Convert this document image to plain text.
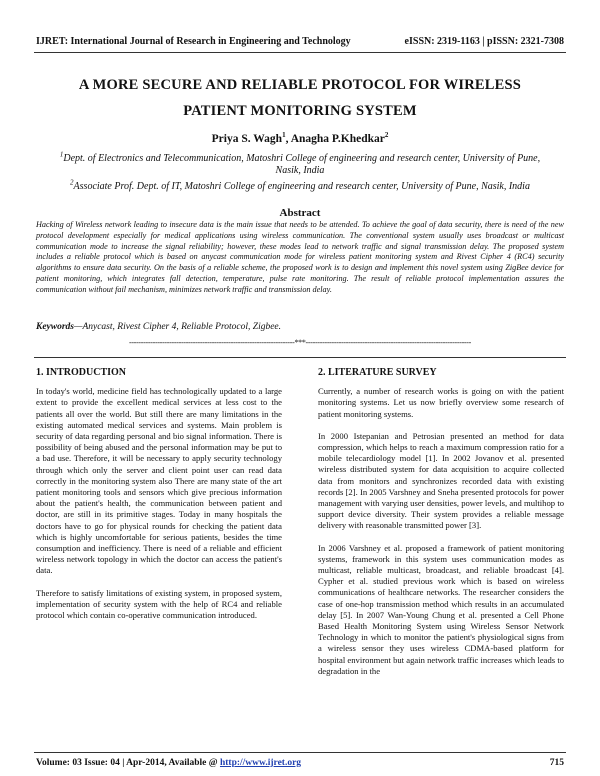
IJRET: International Journal of Research in Engineering and Technology	eISSN: 2319-1163 | pISSN: 2321-7308
A MORE SECURE AND RELIABLE PROTOCOL FOR WIRELESS
PATIENT MONITORING SYSTEM
Priya S. Wagh$^1$, Anagha P.Khedkar$^2$
$^1$Dept. of Electronics and Telecommunication, Matoshri College of engineering and research center, University of Pune,
Nasik, India
$^2$Associate Prof. Dept. of IT, Matoshri College of engineering and research center, University of Pune, Nasik, India
Abstract
Hacking of Wireless network leading to insecure data is the main issue that needs to be attended. To achieve the goal of data security, there is need of the new protocol development especially for medical applications using wireless communication. The conventional system usually uses broadcast or multicast communication mode to increase the signal reliability; however, these modes lead to network traffic and signal transmission delay. The proposed system includes a reliable protocol which is based on anycast communication mode for wireless patient monitoring system and Rivest Cipher 4 (RC4) security algorithms to ensure data security. On the basis of a reliable scheme, the proposed work is to design and implement this novel system using ZigBee device for patient monitoring, which integrates fall detection, temperature, pulse rate monitoring. The result of reliable protocol implementation assures the communication without fail mechanism, minimizes network traffic and transmission delay.
Keywords—Anycast, Rivest Cipher 4, Reliable Protocol, Zigbee.
----------------------------------------------------------------------***----------------------------------------------------------------------
1. INTRODUCTION

In today's world, medicine field has technologically updated to a large extent to provide the excellent medical services at less cost to the patients all over the world. But still there are many limitations in the existing automated medical services and systems. Main problem is security of data regarding personal and bio signal information. There is possibility of being abused and the personal information may be put to a bad use. Therefore, it will be necessary to apply security technology through which only the server and client point user can read data correctly in the monitoring system also There are many state of the art patient monitoring tools and sensors which give precious information about the patient's health, the communication between patient and doctor, are still in its primitive stages. Today in many hospitals the doctors have to go for physical rounds for checking the patient data which is highly uncomfortable for serious patients, besides the time consumption and inefficiency. There is need of a reliable and efficient wireless network topology in which the doctor can access the patient's data.

Therefore to satisfy limitations of existing system, in proposed system, implementation of security system with the help of RC4 and reliable protocol which contain co-operative communication introduced.

2. LITERATURE SURVEY

Currently, a number of research works is going on with the patient monitoring systems. Let us now briefly overview some research of patient monitoring systems.

In 2000 Istepanian and Petrosian presented an method for data compression, which helps to reach a maximum compression ratio for a mobile telecardiology model [1]. In 2002 Jovanov et al. presented wireless distributed system for data acquisition to acquire collected data from monitors and synchronizes recorded data with existing records [2]. In 2005 Varshney and Sneha presented protocols for power management with varying user densities, power levels, and multihop to support device diversity. Their system provides a reliable message delivery with reasonable transmitted power [3].

In 2006 Varshney et al. proposed a framework of patient monitoring systems, framework in this system uses communication modes as multicast, reliable multicast, broadcast, and reliable broadcast [4]. Cypher et al. studied previous work which is based on wireless communications of healthcare networks. The researcher considers the case of one-hop transmission method which results in an accumulated delay [5]. In 2007 Wan-Young Chung et al. presented a Cell Phone Based Health Monitoring System using Wireless Sensor Network Technology in which to monitor the patient's physiological signs from a wireless sensor they uses wireless CDMA-based platform for hospital environment but again network traffic increases which leads to degradation in the

Volume: 03 Issue: 04 | Apr-2014, Available @ http://www.ijret.org	715
